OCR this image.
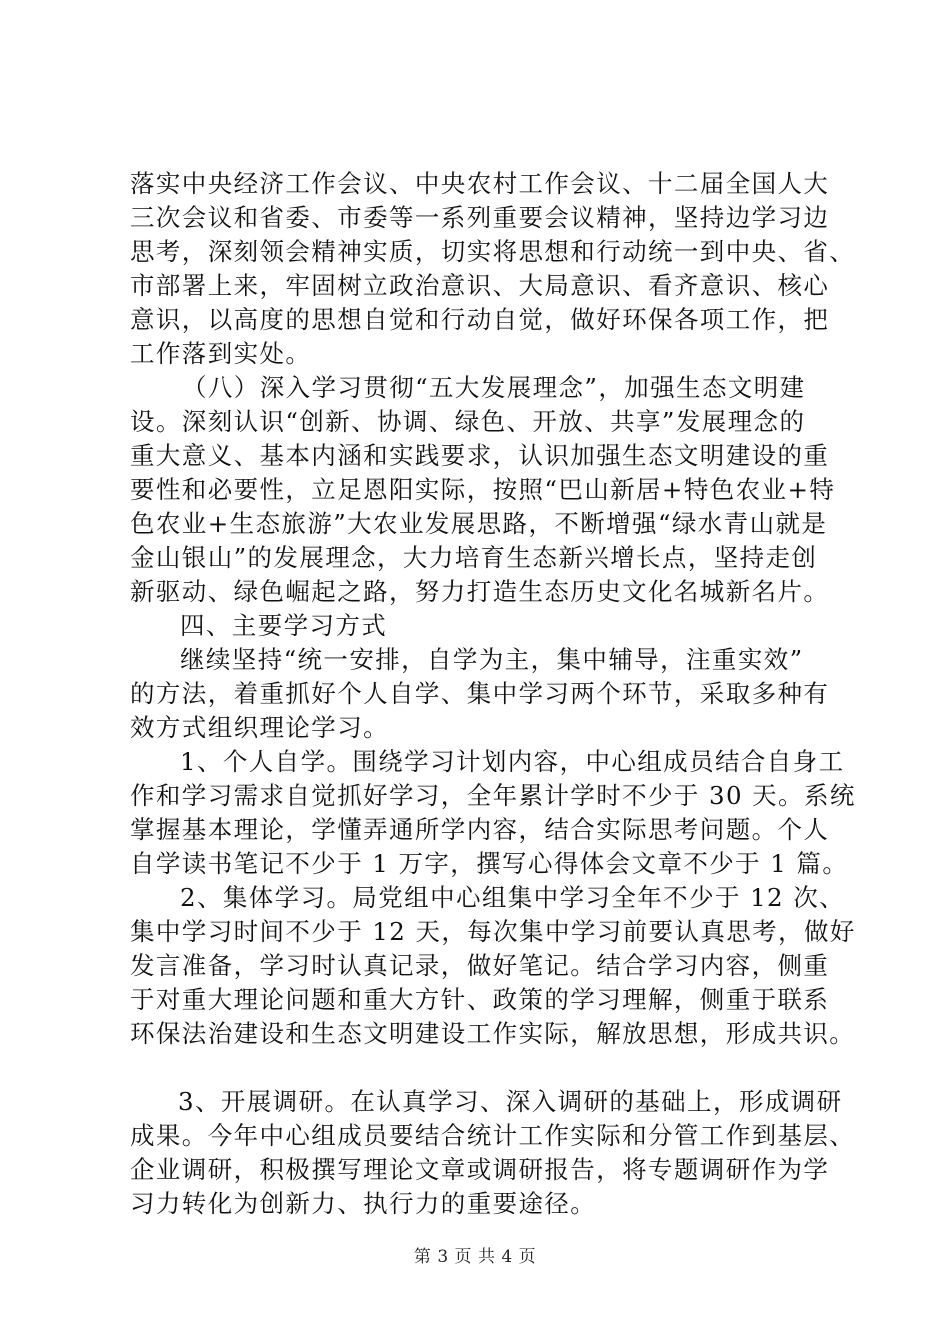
落实中央经济工作会议、中央农村工作会议、十二届全国人大
三次会议和省委、市委等一系列重要会议精神，坚持边学习边
思考，深刻领会精神实质，切实将思想和行动统一到中央、省、
市部署上来，牢固树立政治意识、大局意识、看齐意识、核心
意识，以高度的思想自觉和行动自觉，做好环保各项工作，把
工作落到实处。
（八）深入学习贯彻“五大发展理念”，加强生态文明建
设。深刻认识“创新、协调、绿色、开放、共享”发展理念的
重大意义、基本内涵和实践要求，认识加强生态文明建设的重
要性和必要性，立足恩阳实际，按照“巴山新居+特色农业+特
色农业+生态旅游”大农业发展思路，不断增强“绿水青山就是
金山银山”的发展理念，大力培育生态新兴增长点，坚持走创
新驱动、绿色崛起之路，努力打造生态历史文化名城新名片。
四、主要学习方式
继续坚持“统一安排，自学为主，集中辅导，注重实效”
的方法，着重抓好个人自学、集中学习两个环节，采取多种有
效方式组织理论学习。
1、个人自学。围绕学习计划内容，中心组成员结合自身工
作和学习需求自觉抓好学习，全年累计学时不少于 30 天。系统
掌握基本理论，学懂弄通所学内容，结合实际思考问题。个人
自学读书笔记不少于 1 万字，撰写心得体会文章不少于 1 篇。
2、集体学习。局党组中心组集中学习全年不少于 12 次、
集中学习时间不少于 12 天，每次集中学习前要认真思考，做好
发言准备，学习时认真记录，做好笔记。结合学习内容，侧重
于对重大理论问题和重大方针、政策的学习理解，侧重于联系
环保法治建设和生态文明建设工作实际，解放思想，形成共识。
3、开展调研。在认真学习、深入调研的基础上，形成调研
成果。今年中心组成员要结合统计工作实际和分管工作到基层、
企业调研，积极撰写理论文章或调研报告，将专题调研作为学
习力转化为创新力、执行力的重要途径。
第 3 页 共 4 页
